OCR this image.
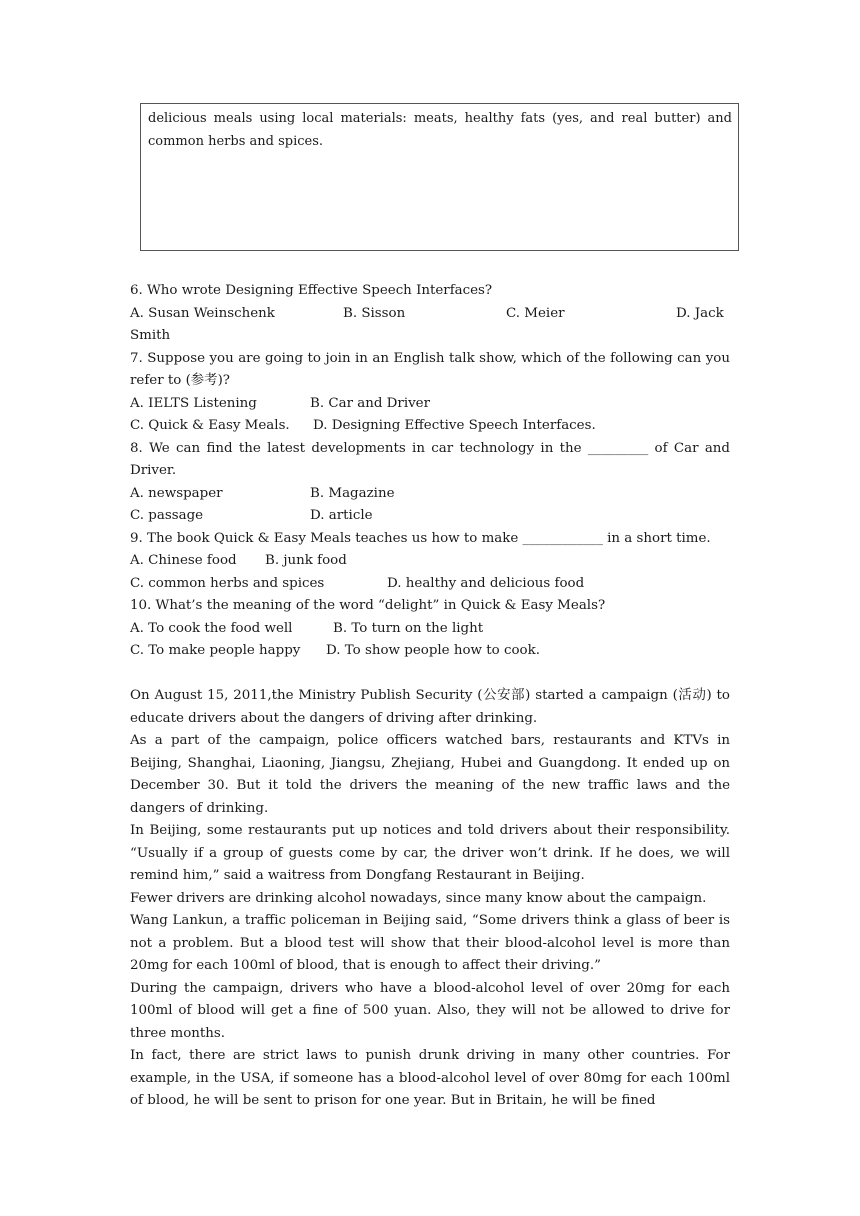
delicious meals using local materials: meats, healthy fats (yes, and real butter) and common herbs and spices.

6. Who wrote Designing Effective Speech Interfaces?
A. Susan Weinschenk	B. Sisson	C. Meier	D. Jack
Smith
7. Suppose you are going to join in an English talk show, which of the following can you refer to (参考)?
A. IELTS Listening	B. Car and Driver
C. Quick & Easy Meals.	D. Designing Effective Speech Interfaces.
8. We can find the latest developments in car technology in the _________ of Car and Driver.
A. newspaper	B. Magazine
C. passage	D. article
9. The book Quick & Easy Meals teaches us how to make ____________ in a short time.
A. Chinese food	B. junk food
C. common herbs and spices	D. healthy and delicious food
10. What’s the meaning of the word “delight” in Quick & Easy Meals?
A. To cook the food well	B. To turn on the light
C. To make people happy	D. To show people how to cook.

On August 15, 2011,the Ministry Publish Security (公安部) started a campaign (活动) to educate drivers about the dangers of driving after drinking.

As a part of the campaign, police officers watched bars, restaurants and KTVs in Beijing, Shanghai, Liaoning, Jiangsu, Zhejiang, Hubei and Guangdong. It ended up on December 30. But it told the drivers the meaning of the new traffic laws and the dangers of drinking.

In Beijing, some restaurants put up notices and told drivers about their responsibility. “Usually if a group of guests come by car, the driver won’t drink. If he does, we will remind him,” said a waitress from Dongfang Restaurant in Beijing.

Fewer drivers are drinking alcohol nowadays, since many know about the campaign.

Wang Lankun, a traffic policeman in Beijing said, “Some drivers think a glass of beer is not a problem. But a blood test will show that their blood-alcohol level is more than 20mg for each 100ml of blood, that is enough to affect their driving.”

During the campaign, drivers who have a blood-alcohol level of over 20mg for each 100ml of blood will get a fine of 500 yuan. Also, they will not be allowed to drive for three months.

In fact, there are strict laws to punish drunk driving in many other countries. For example, in the USA, if someone has a blood-alcohol level of over 80mg for each 100ml of blood, he will be sent to prison for one year. But in Britain, he will be fined
